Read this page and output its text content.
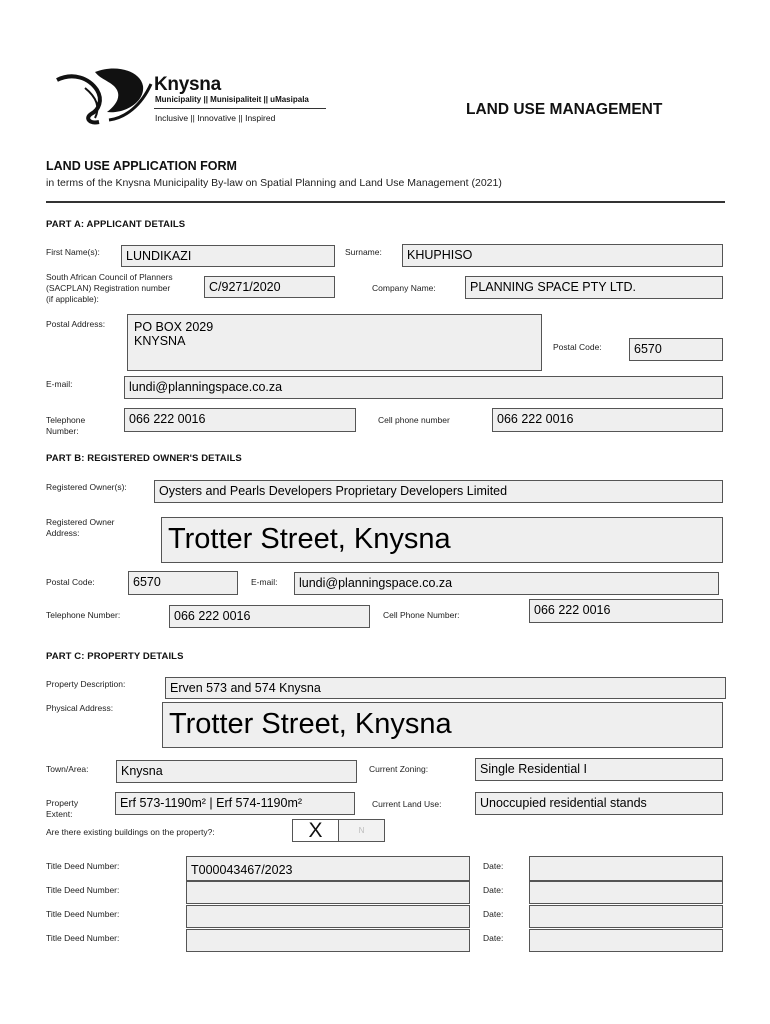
Knysna
Municipality || Munisipaliteit || uMasipala
Inclusive || Innovative || Inspired	LAND USE MANAGEMENT
LAND USE APPLICATION FORM
in terms of the Knysna Municipality By-law on Spatial Planning and Land Use Management (2021)
PART A: APPLICANT DETAILS
First Name(s):	LUNDIKAZI	Surname:	KHUPHISO
South African Council of Planners
(SACPLAN) Registration number
(if applicable):
C/9271/2020	Company Name:	PLANNING SPACE PTY LTD.
Postal Address:	PO BOX 2029
KNYSNA	Postal Code:	6570
E-mail:	lundi@planningspace.co.za
Telephone
Number:
066 222 0016	Cell phone number	066 222 0016
PART B: REGISTERED OWNER'S DETAILS
Registered Owner(s):	Oysters and Pearls Developers Proprietary Developers Limited
Registered Owner
Address:	Trotter Street, Knysna
Postal Code:	6570	E-mail:	lundi@planningspace.co.za
Telephone Number:	066 222 0016	Cell Phone Number:	066 222 0016
PART C: PROPERTY DETAILS
Property Description:	Erven 573 and 574 Knysna
Physical Address: Trotter Street, Knysna
Town/Area:	Knysna	Current Zoning:	Single Residential I
Property
Extent:
Erf 573-1190m² | Erf 574-1190m²	Current Land Use:	Unoccupied residential stands
Are there existing buildings on the property?:	X	N
Title Deed Number:	T000043467/2023	Date:
Title Deed Number:	Date:
Title Deed Number:	Date:
Title Deed Number:	Date:
